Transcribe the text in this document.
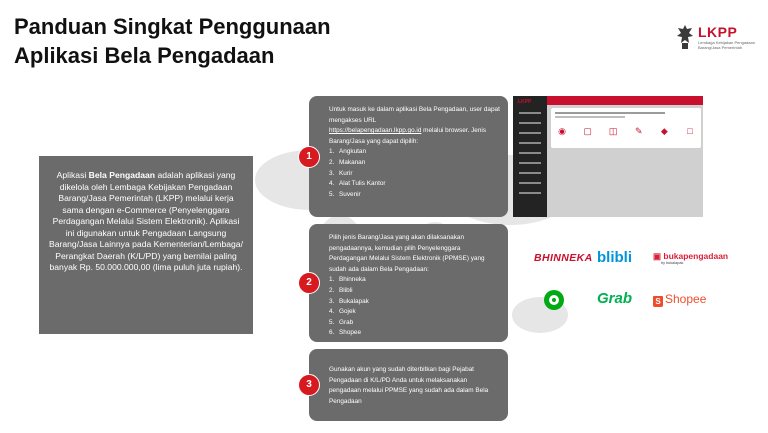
Panduan Singkat Penggunaan
Aplikasi Bela Pengadaan
LKPP
Lembaga Kebijakan Pengadaan Barang/Jasa Pemerintah
Aplikasi Bela Pengadaan adalah aplikasi yang dikelola oleh Lembaga Kebijakan Pengadaan Barang/Jasa Pemerintah (LKPP) melalui kerja sama dengan e-Commerce (Penyelenggara Perdagangan Melalui Sistem Elektronik). Aplikasi ini digunakan untuk Pengadaan Langsung Barang/Jasa Lainnya pada Kementerian/Lembaga/ Perangkat Daerah (K/L/PD) yang bernilai paling banyak Rp. 50.000.000,00 (lima puluh juta rupiah).

Untuk masuk ke dalam aplikasi Bela Pengadaan, user dapat mengakses URL
https://belapengadaan.lkpp.go.id melalui browser. Jenis Barang/Jasa yang dapat dipilih:

1. Angkutan
2. Makanan
3. Kurir
4. Alat Tulis Kantor
5. Suvenir
1
LKPP
◉	▢	◫	✎	◆	□

Pilih jenis Barang/Jasa yang akan dilaksanakan pengadaannya, kemudian pilih Penyelenggara Perdagangan Melalui Sistem Elektronik (PPMSE) yang sudah ada dalam Bela Pengadaan:

1. Bhinneka
2. Blibli
3. Bukalapak
4. Gojek
5. Grab
6. Shopee
2
BHINNEKA blibli ▣ bukapengadaan
by bukalapak
Grab	S Shopee

Gunakan akun yang sudah diterbitkan bagi Pejabat Pengadaan di K/L/PD Anda untuk melaksanakan pengadaan melalui PPMSE yang sudah ada dalam Bela Pengadaan

3
